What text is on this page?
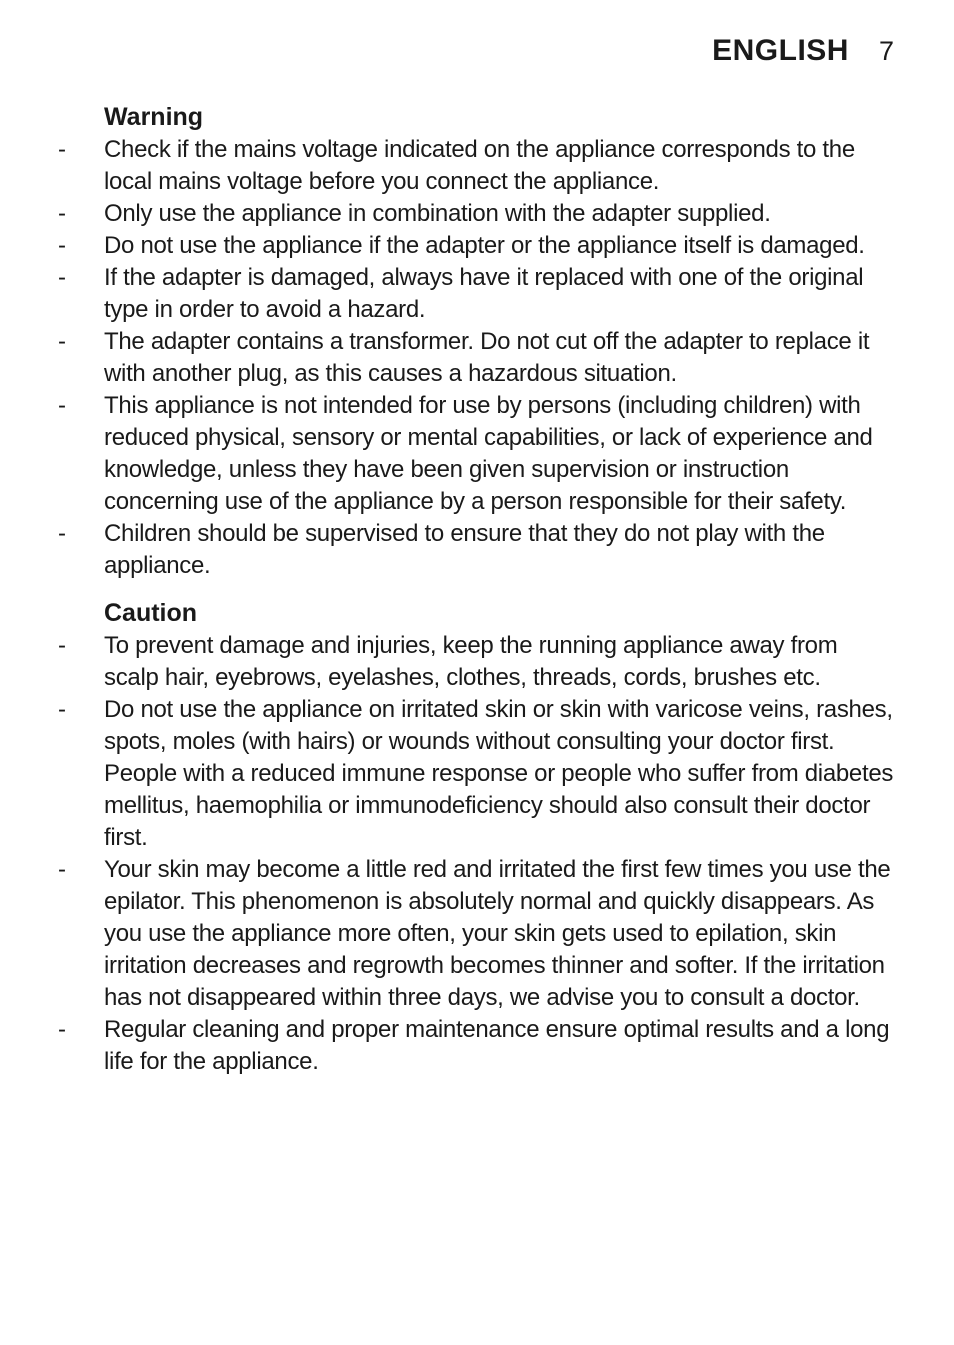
ENGLISH 7
Warning
-	Check if the mains voltage indicated on the appliance corresponds to the local mains voltage before you connect the appliance.
-	Only use the appliance in combination with the adapter supplied.
-	Do not use the appliance if the adapter or the appliance itself is damaged.
-	If the adapter is damaged, always have it replaced with one of the original type in order to avoid a hazard.
-	The adapter contains a transformer. Do not cut off the adapter to replace it with another plug, as this causes a hazardous situation.
-	This appliance is not intended for use by persons (including children) with reduced physical, sensory or mental capabilities, or lack of experience and knowledge, unless they have been given supervision or instruction concerning use of the appliance by a person responsible for their safety.
-	Children should be supervised to ensure that they do not play with the appliance.
Caution
-	To prevent damage and injuries, keep the running appliance away from scalp hair, eyebrows, eyelashes, clothes, threads, cords, brushes etc.
-	Do not use the appliance on irritated skin or skin with varicose veins, rashes, spots, moles (with hairs) or wounds without consulting your doctor first. People with a reduced immune response or people who suffer from diabetes mellitus, haemophilia or immunodeficiency should also consult their doctor first.
-	Your skin may become a little red and irritated the first few times you use the epilator. This phenomenon is absolutely normal and quickly disappears. As you use the appliance more often, your skin gets used to epilation, skin irritation decreases and regrowth becomes thinner and softer. If the irritation has not disappeared within three days, we advise you to consult a doctor.
-	Regular cleaning and proper maintenance ensure optimal results and a long life for the appliance.
